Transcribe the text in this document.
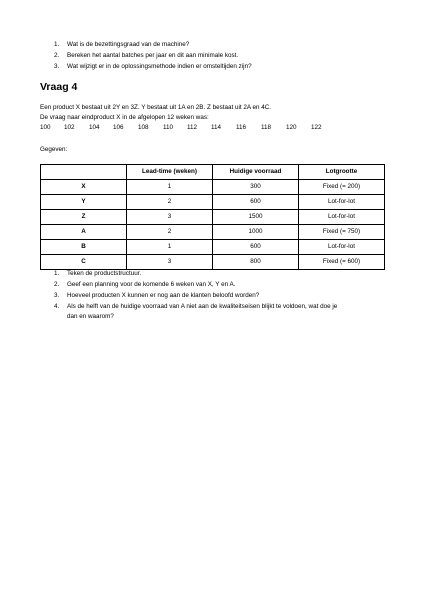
1. Wat is de bezettingsgraad van de machine?
2. Bereken het aantal batches per jaar en dit aan minimale kost.
3. Wat wijzigt er in de oplossingsmethode indien er omsteltijden zijn?
Vraag 4
Een product X bestaat uit 2Y en 3Z. Y bestaat uit 1A en 2B. Z bestaat uit 2A en 4C.
De vraag naar eindproduct X in de afgelopen 12 weken was:
100 102 104 106 108 110 112 114 116 118 120 122
Gegeven:
	Lead-time (weken)	Huidige voorraad	Lotgrootte
X	1	300	Fixed (= 200)
Y	2	600	Lot-for-lot
Z	3	1500	Lot-for-lot
A	2	1000	Fixed (= 750)
B	1	600	Lot-for-lot
C	3	800	Fixed (= 600)
1. Teken de productstructuur.
2. Geef een planning voor de komende 6 weken van X, Y en A.
3. Hoeveel producten X kunnen er nog aan de klanten beloofd worden?
4. Als de helft van de huidige voorraad van A niet aan de kwaliteitseisen blijkt te voldoen, wat doe je
dan en waarom?
